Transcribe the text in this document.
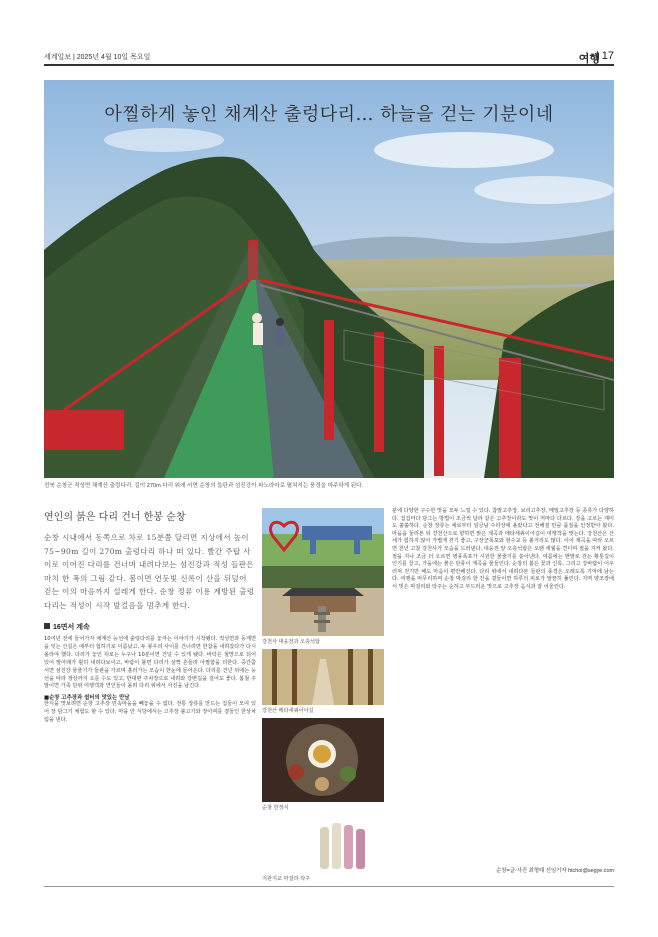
세계일보 | 2025년 4월 10일 목요일	여행
| 17
아찔하게 놓인 채계산 출렁다리… 하늘을 걷는 기분이네
전북 순창군 적성면 채계산 출렁다리. 길이 270m 다리 위에 서면 순창의 들판과 섬진강이 파노라마로 펼쳐지는 풍경을 마주하게 된다.
연인의 붉은 다리 건너 한봉 순창
순창 시내에서 동쪽으로 차로 15분쯤 달리면 지상에서 높이 75~90m 길이 270m 출렁다리 하나 떠 있다. 빨간 주탑 사이로 이어진 다리를 건너며 내려다보는 섬진강과 적성 들판은 마치 한 폭의 그림 같다. 봄이면 연둣빛 신록이 산을 뒤덮어 걷는 이의 마음까지 설레게 한다. 순창 정류 이용 계방된 출렁다리는 적성이 시작 발걸음을 멈추게 한다.
16면서 계속
10여년 전에 들어가자 채계산 능선에 출렁다리를 놓자는 이야기가 시작됐다. 적성면과 동계면을 잇는 산길은 예부터 험하기로 이름났고, 두 봉우리 사이를 건너려면 한참을 내려갔다가 다시 올라야 했다. 다리가 놓인 뒤로는 누구나 10분이면 건널 수 있게 됐다. 바닥은 철망으로 되어 있어 발아래가 훤히 내려다보이고, 바람이 불면 다리가 살짝 흔들려 아찔함을 더한다. 중간쯤 서면 섬진강 물줄기가 들판을 가르며 흘러가는 모습이 한눈에 들어온다. 다리를 건넌 뒤에는 능선을 따라 정상까지 오를 수도 있고, 반대편 주차장으로 내려와 강변길을 걸어도 좋다. 봄철 주말이면 가족 단위 여행객과 연인들이 몰려 다리 위에서 사진을 남긴다.
■순창 고추장과 쉼터의 맛있는 만남
한식을 맛보려면 순창 고추장 민속마을을 빼놓을 수 없다. 전통 장류를 만드는 집들이 모여 있어 장 담그기 체험도 할 수 있다. 마을 안 식당에서는 고추장 불고기와 장아찌를 곁들인 한상차림을 낸다.
강천사 대웅전과 오층석탑
강천산 메타세쿼이아길
순창 한정식
지관지교 막걸리·탁주
분에 다양한 구수한 맛을 모두 느낄 수 있다. 참발고추장, 보리고추장, 메밀고추장 등 종류가 다양하다. 집집마다 담그는 방법이 조금씩 달라 같은 고추장이라도 맛이 저마다 다르다. 장을 고르는 재미도 쏠쏠하다. 순창 장류는 예로부터 임금님 수라상에 올랐다고 전해질 만큼 품질을 인정받아 왔다. 마을을 둘러본 뒤 강천산으로 향하면 맑은 계곡과 메타세쿼이아길이 여행객을 맞는다. 강천산은 산세가 험하지 않아 가볍게 걷기 좋고, 구장군폭포와 현수교 등 볼거리도 많다. 이어 계곡을 따라 오르면 천년 고찰 강천사가 모습을 드러낸다. 대웅전 앞 오층석탑은 오랜 세월을 견디며 절을 지켜 왔다. 절을 지나 조금 더 오르면 병풍폭포가 시원한 물줄기를 쏟아낸다. 여름에는 맨발로 걷는 황톳길이 인기를 끌고, 가을에는 붉은 단풍이 계곡을 물들인다. 순창의 봄은 꽃과 신록, 그리고 강바람이 어우러져 걷기만 해도 마음이 편안해진다. 다리 위에서 내려다본 들판의 풍경은 오래도록 기억에 남는다. 여행을 마무리하며 순창 막걸리 한 잔을 곁들이면 하루의 피로가 말끔히 풀린다. 지역 양조장에서 빚은 막걸리와 탁주는 순하고 부드러운 맛으로 고추장 음식과 잘 어울린다.
순창=글·사진 최형태 선임기자 htchoi@segye.com
